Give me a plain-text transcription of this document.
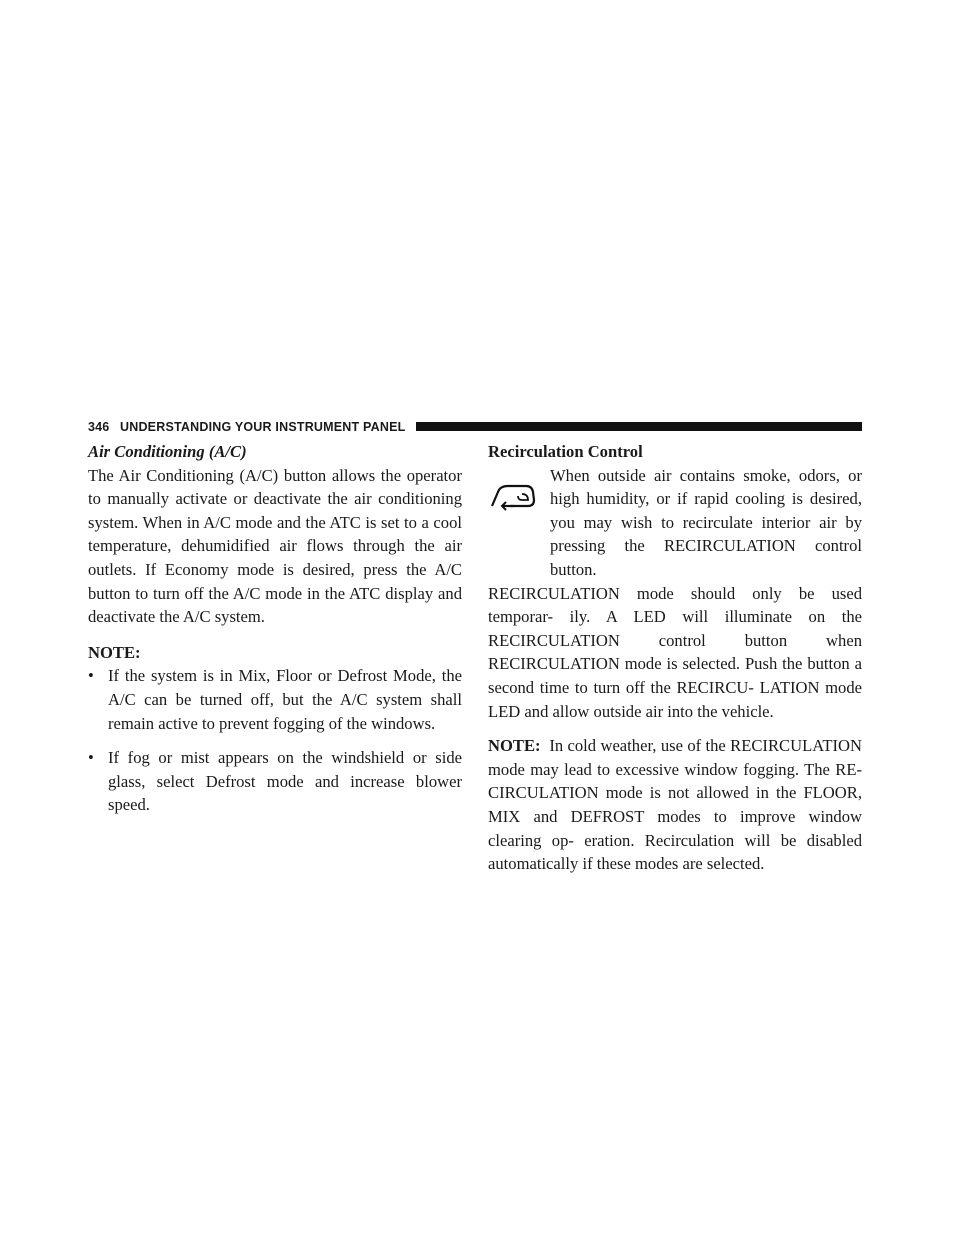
346 UNDERSTANDING YOUR INSTRUMENT PANEL

Air Conditioning (A/C)

The Air Conditioning (A/C) button allows the operator to manually activate or deactivate the air conditioning system. When in A/C mode and the ATC is set to a cool temperature, dehumidified air flows through the air outlets. If Economy mode is desired, press the A/C button to turn off the A/C mode in the ATC display and deactivate the A/C system.

NOTE:

• If the system is in Mix, Floor or Defrost Mode, the A/C can be turned off, but the A/C system shall remain active to prevent fogging of the windows.
• If fog or mist appears on the windshield or side glass, select Defrost mode and increase blower speed.

Recirculation Control

When outside air contains smoke, odors, or high humidity, or if rapid cooling is desired, you may wish to recirculate interior air by pressing the RECIRCULATION control button.

RECIRCULATION mode should only be used temporar- ily. A LED will illuminate on the RECIRCULATION control button when RECIRCULATION mode is selected. Push the button a second time to turn off the RECIRCU- LATION mode LED and allow outside air into the vehicle.

NOTE: In cold weather, use of the RECIRCULATION mode may lead to excessive window fogging. The RE- CIRCULATION mode is not allowed in the FLOOR, MIX and DEFROST modes to improve window clearing op- eration. Recirculation will be disabled automatically if these modes are selected.
